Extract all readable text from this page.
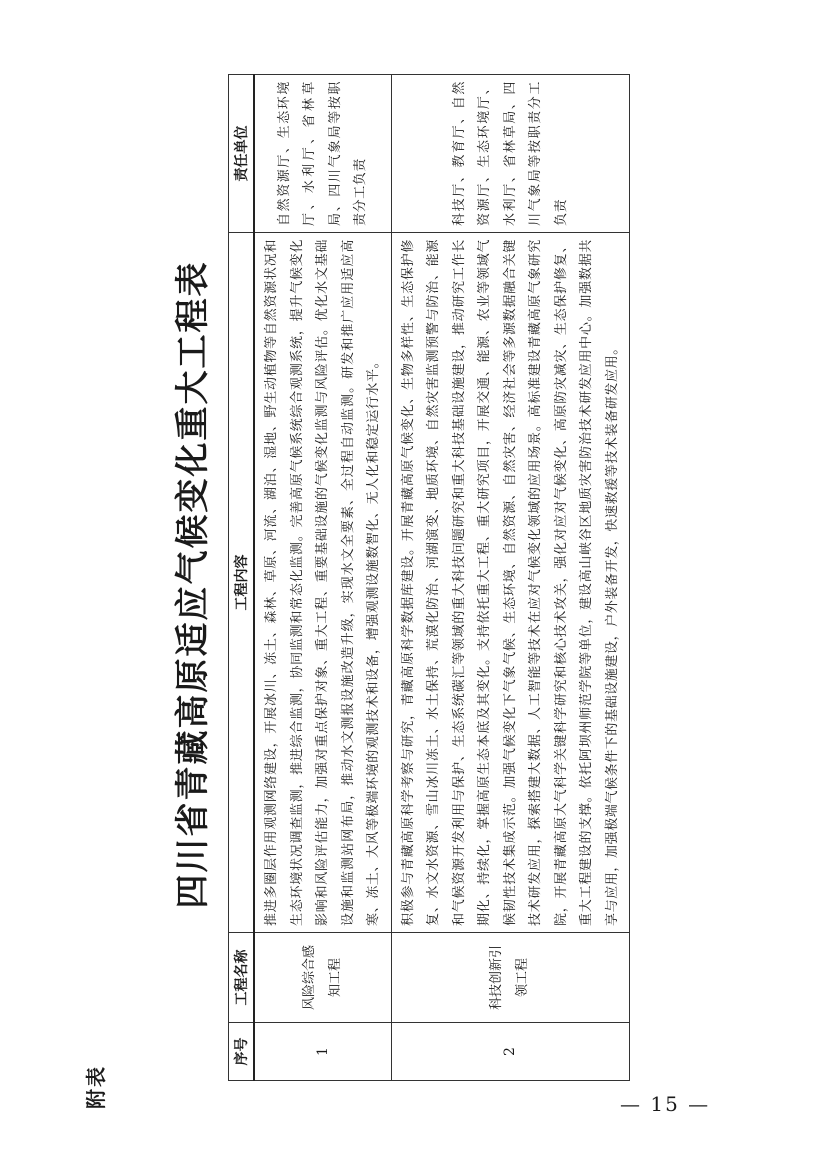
附表
四川省青藏高原适应气候变化重大工程表
序号	工程名称	工程内容	责任单位
1	风险综合感知工程	推进多圈层作用观测网络建设，开展冰川、冻土、森林、草原、河流、湖泊、湿地、野生动植物等自然资源状况和生态环境状况调查监测，推进综合监测，协同监测和常态化监测。完善高原气候系统综合观测系统，提升气候变化影响和风险评估能力，加强对重点保护对象、重大工程、重要基础设施的气候变化监测与风险评估。优化水文基础设施和监测站网布局，推动水文测报设施改造升级，实现水文全要素、全过程自动监测。研发和推广应用适应高寒、冻土、大风等极端环境的观测技术和设备，增强观测设施数智化、无人化和稳定运行水平。	自然资源厅、生态环境厅、水利厅、省林草局、四川气象局等按职责分工负责
2	科技创新引领工程	积极参与青藏高原科学考察与研究，青藏高原科学数据库建设。开展青藏高原气候变化、生物多样性、生态保护修复、水文水资源、雪山冰川冻土、水土保持、荒漠化防治、河湖演变、地质环境、自然灾害监测预警与防治、能源和气候资源开发利用与保护、生态系统碳汇等领域的重大科技问题研究和重大科技基础设施建设，推动研究工作长期化、持续化，掌握高原生态本底及其变化。支持依托重大工程、重大研究项目，开展交通、能源、农业等领域气候韧性技术集成示范。加强气候变化下气象气候、生态环境、自然资源、自然灾害、经济社会等多源数据融合关键技术研发应用，探索搭建大数据、人工智能等技术在应对气候变化领域的应用场景。高标准建设青藏高原气象研究院，开展青藏高原大气科学关键科学研究和核心技术攻关，强化对应对气候变化、高原防灾减灾、生态保护修复、重大工程建设的支撑。依托阿坝州师范学院等单位，建设高山峡谷区地质灾害防治技术研发应用中心。加强数据共享与应用，加强极端气候条件下的基础设施建设，户外装备开发，快速救援等技术装备研发应用。	科技厅、教育厅、自然资源厅、生态环境厅、水利厅、省林草局、四川气象局等按职责分工负责
— 15 —
